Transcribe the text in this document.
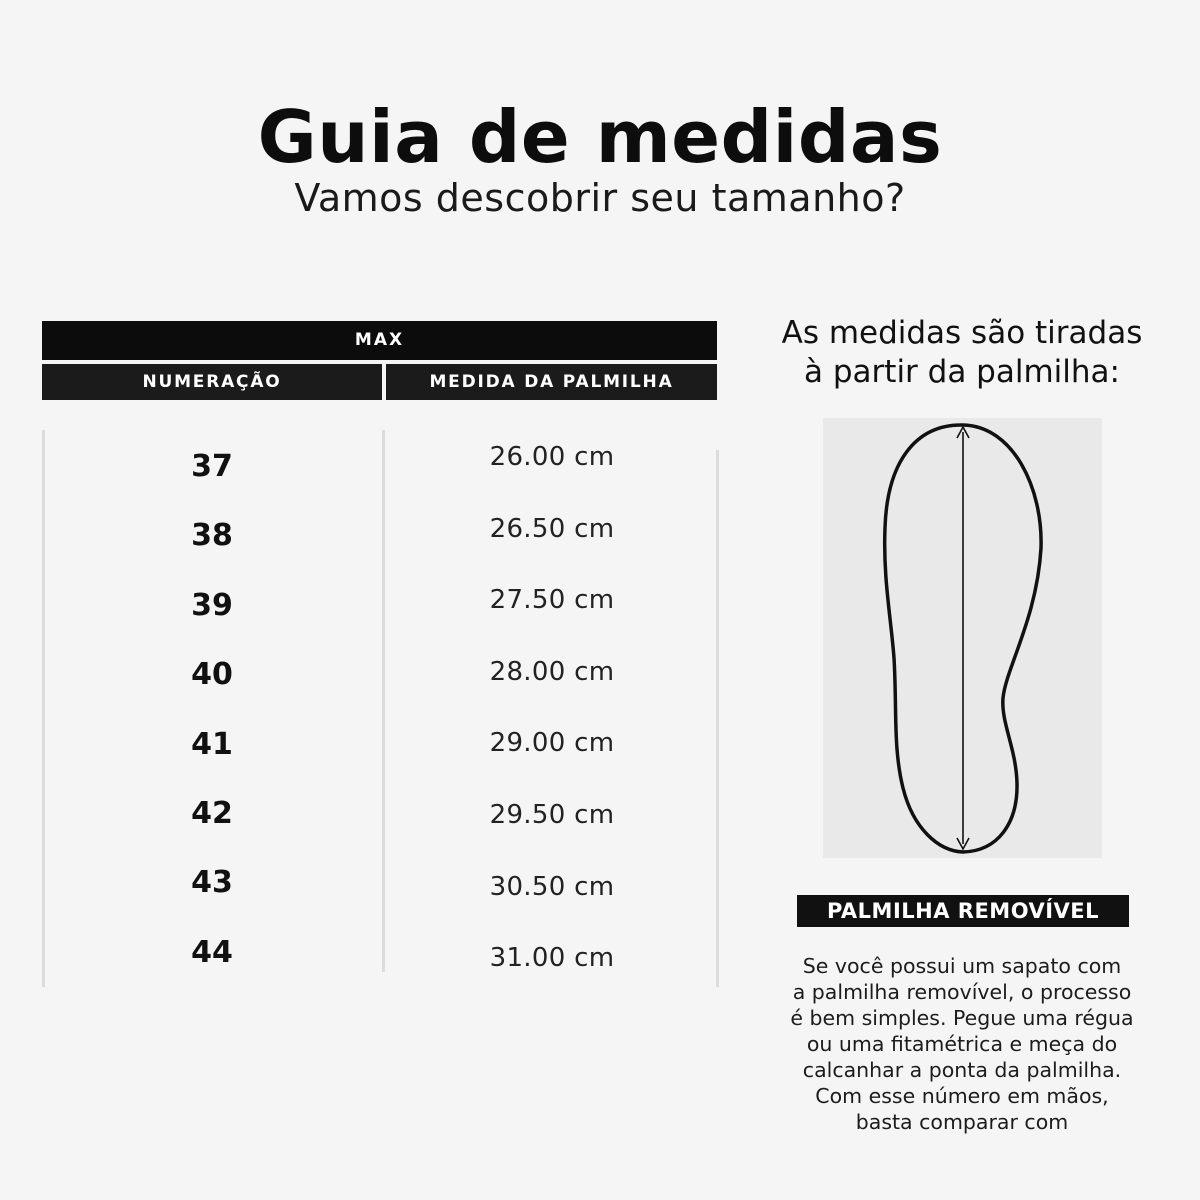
Guia de medidas
Vamos descobrir seu tamanho?
MAX
NUMERAÇÃO	MEDIDA DA PALMILHA
37
38
39
40
41
42
43
44
26.00 cm
26.50 cm
27.50 cm
28.00 cm
29.00 cm
29.50 cm
30.50 cm
31.00 cm
As medidas são tiradas
à partir da palmilha:
PALMILHA REMOVÍVEL
Se você possui um sapato com
a palmilha removível, o processo
é bem simples. Pegue uma régua
ou uma fitamétrica e meça do
calcanhar a ponta da palmilha.
Com esse número em mãos,
basta comparar com
